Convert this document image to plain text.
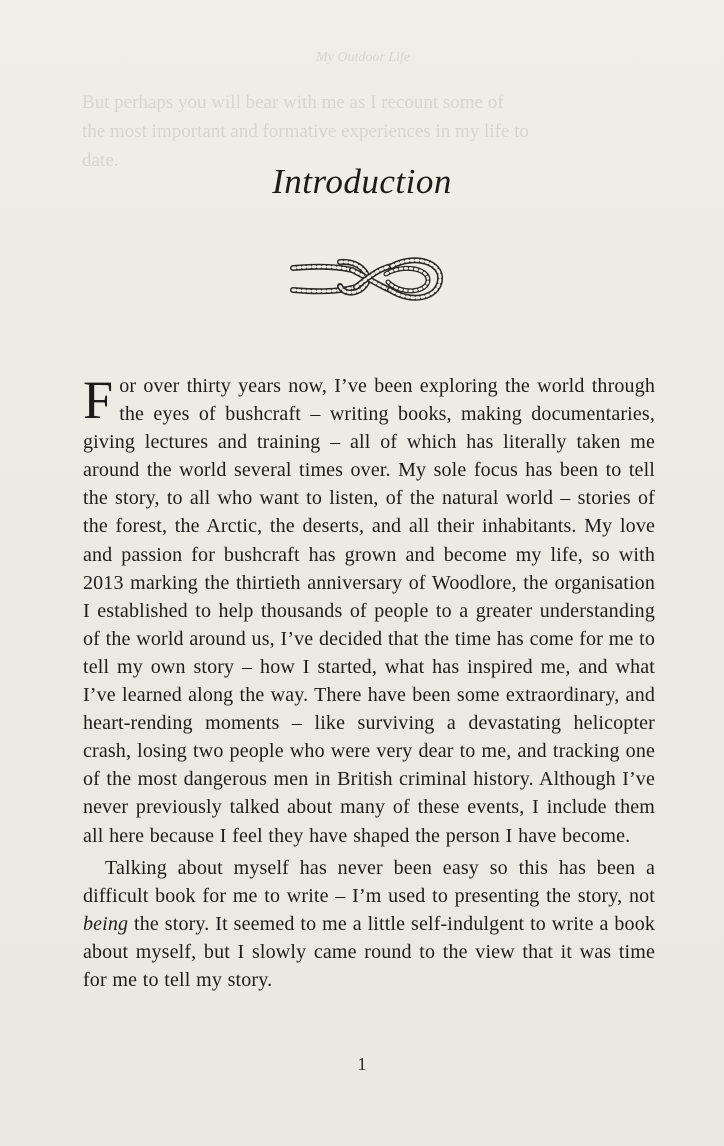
My Outdoor Life
But perhaps you will bear with me as I recount some of
the most important and formative experiences in my life to
date.
Introduction

For over thirty years now, I’ve been exploring the world through the eyes of bushcraft – writing books, making documentaries, giving lectures and training – all of which has literally taken me around the world several times over. My sole focus has been to tell the story, to all who want to listen, of the natural world – stories of the forest, the Arctic, the deserts, and all their inhabitants. My love and passion for bushcraft has grown and become my life, so with 2013 marking the thirtieth anniversary of Woodlore, the organisation I established to help thousands of people to a greater understanding of the world around us, I’ve decided that the time has come for me to tell my own story – how I started, what has inspired me, and what I’ve learned along the way. There have been some extraordinary, and heart-rending moments – like surviving a devastating helicopter crash, losing two people who were very dear to me, and tracking one of the most dangerous men in British criminal history. Although I’ve never previously talked about many of these events, I include them all here because I feel they have shaped the person I have become.

Talking about myself has never been easy so this has been a difficult book for me to write – I’m used to presenting the story, not being the story. It seemed to me a little self-indulgent to write a book about myself, but I slowly came round to the view that it was time for me to tell my story.

1
